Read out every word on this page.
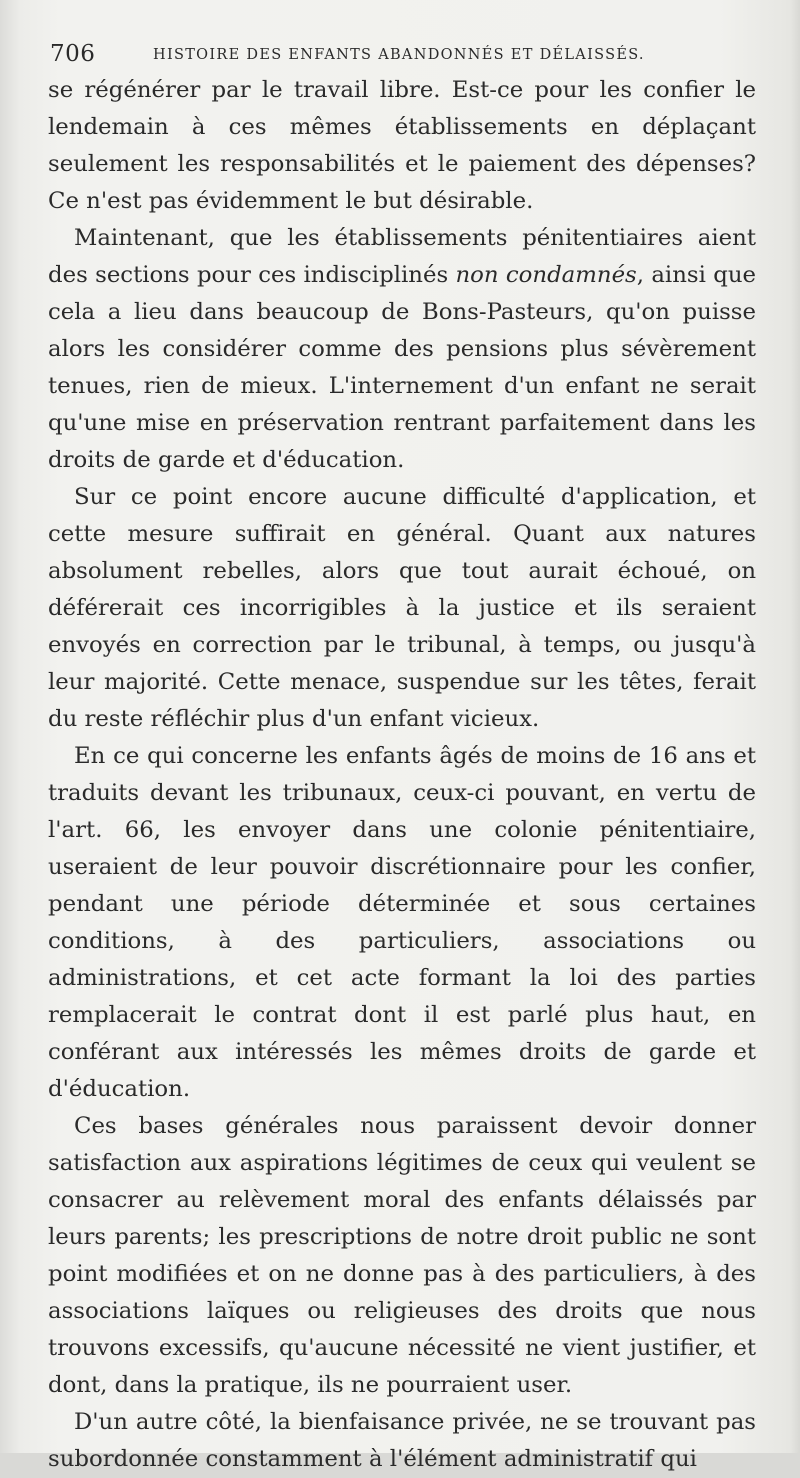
706	HISTOIRE DES ENFANTS ABANDONNÉS ET DÉLAISSÉS.

se régénérer par le travail libre. Est-ce pour les confier le lendemain à ces mêmes établissements en déplaçant seulement les responsabilités et le paiement des dépenses? Ce n'est pas évidemment le but désirable.

Maintenant, que les établissements pénitentiaires aient des sections pour ces indisciplinés non condamnés, ainsi que cela a lieu dans beaucoup de Bons-Pasteurs, qu'on puisse alors les considérer comme des pensions plus sévèrement tenues, rien de mieux. L'internement d'un enfant ne serait qu'une mise en préservation rentrant parfaitement dans les droits de garde et d'éducation.

Sur ce point encore aucune difficulté d'application, et cette mesure suffirait en général. Quant aux natures absolument rebelles, alors que tout aurait échoué, on déférerait ces incorrigibles à la justice et ils seraient envoyés en correction par le tribunal, à temps, ou jusqu'à leur majorité. Cette menace, suspendue sur les têtes, ferait du reste réfléchir plus d'un enfant vicieux.

En ce qui concerne les enfants âgés de moins de 16 ans et traduits devant les tribunaux, ceux-ci pouvant, en vertu de l'art. 66, les envoyer dans une colonie pénitentiaire, useraient de leur pouvoir discrétionnaire pour les confier, pendant une période déterminée et sous certaines conditions, à des particuliers, associations ou administrations, et cet acte formant la loi des parties remplacerait le contrat dont il est parlé plus haut, en conférant aux intéressés les mêmes droits de garde et d'éducation.

Ces bases générales nous paraissent devoir donner satisfaction aux aspirations légitimes de ceux qui veulent se consacrer au relèvement moral des enfants délaissés par leurs parents; les prescriptions de notre droit public ne sont point modifiées et on ne donne pas à des particuliers, à des associations laïques ou religieuses des droits que nous trouvons excessifs, qu'aucune nécessité ne vient justifier, et dont, dans la pratique, ils ne pourraient user.

D'un autre côté, la bienfaisance privée, ne se trouvant pas subordonnée constamment à l'élément administratif qui
